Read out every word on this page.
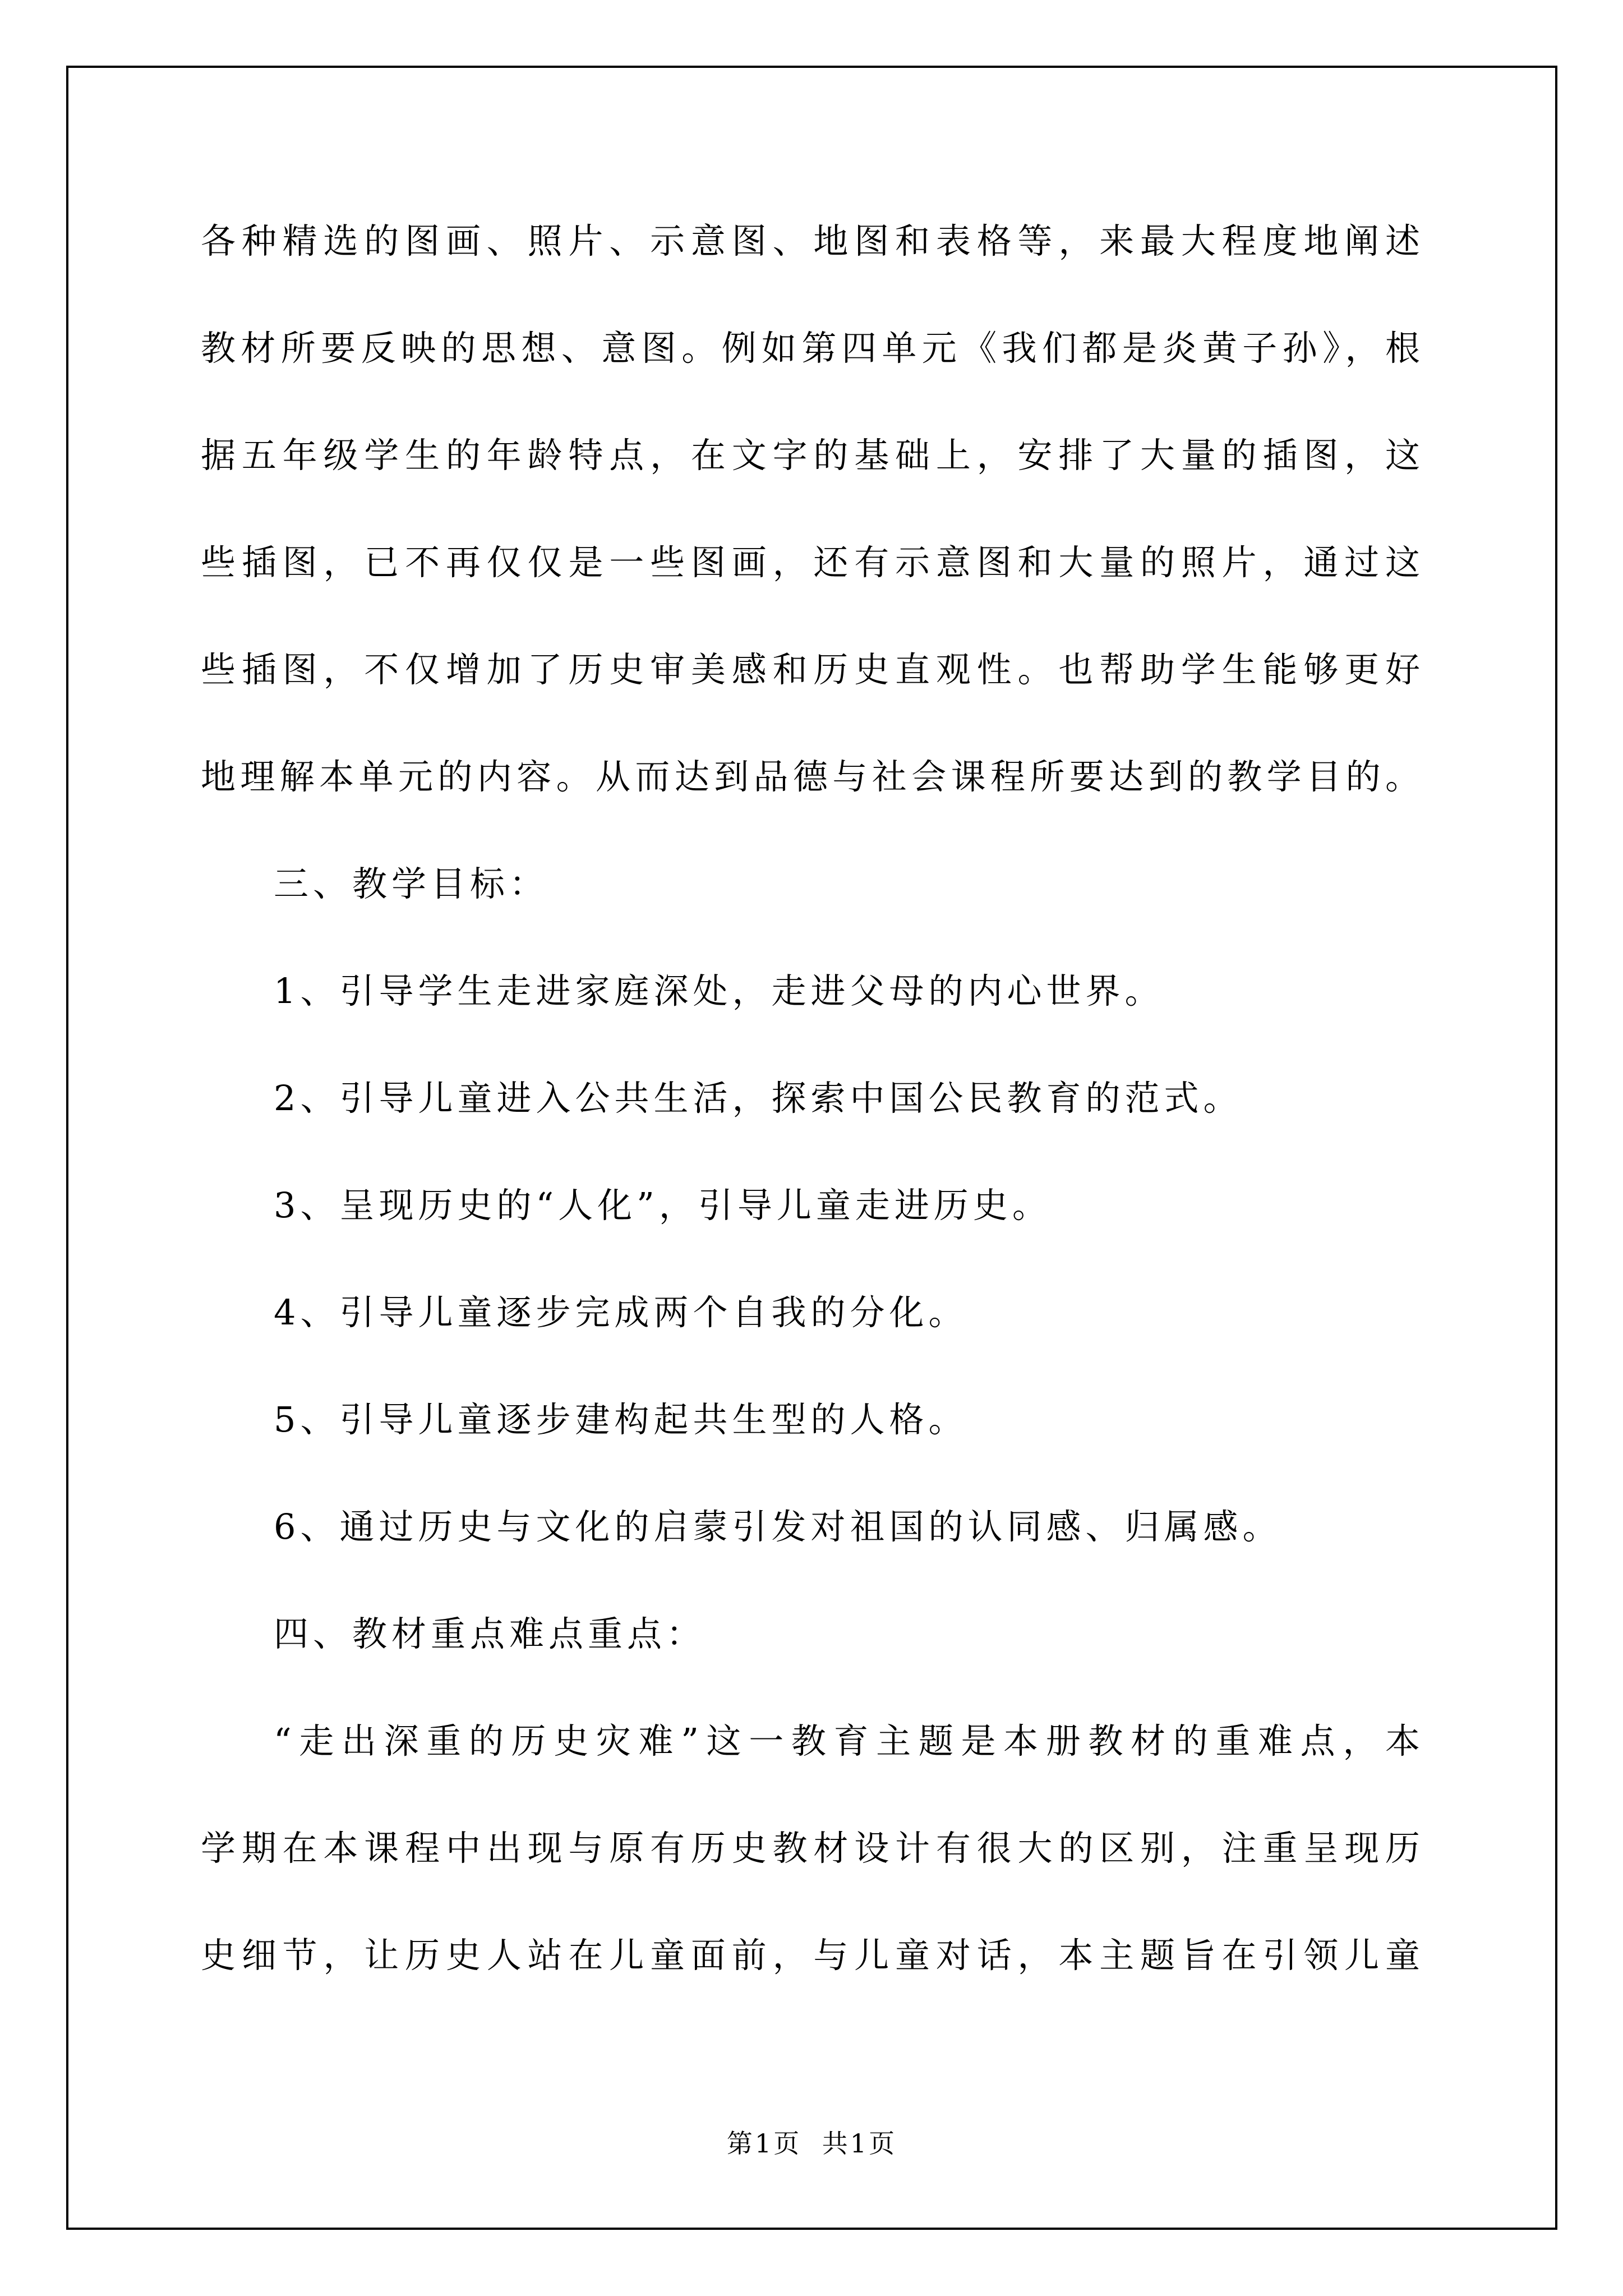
各种精选的图画、照片、示意图、地图和表格等，来最大程度地阐述
教材所要反映的思想、意图。例如第四单元《我们都是炎黄子孙》，根
据五年级学生的年龄特点，在文字的基础上，安排了大量的插图，这
些插图，已不再仅仅是一些图画，还有示意图和大量的照片，通过这
些插图，不仅增加了历史审美感和历史直观性。也帮助学生能够更好
地理解本单元的内容。从而达到品德与社会课程所要达到的教学目的。
三、教学目标：
1、引导学生走进家庭深处，走进父母的内心世界。
2、引导儿童进入公共生活，探索中国公民教育的范式。
3、呈现历史的“人化”，引导儿童走进历史。
4、引导儿童逐步完成两个自我的分化。
5、引导儿童逐步建构起共生型的人格。
6、通过历史与文化的启蒙引发对祖国的认同感、归属感。
四、教材重点难点重点：
“走出深重的历史灾难”这一教育主题是本册教材的重难点，本
学期在本课程中出现与原有历史教材设计有很大的区别，注重呈现历
史细节，让历史人站在儿童面前，与儿童对话，本主题旨在引领儿童
第1页 共1页
